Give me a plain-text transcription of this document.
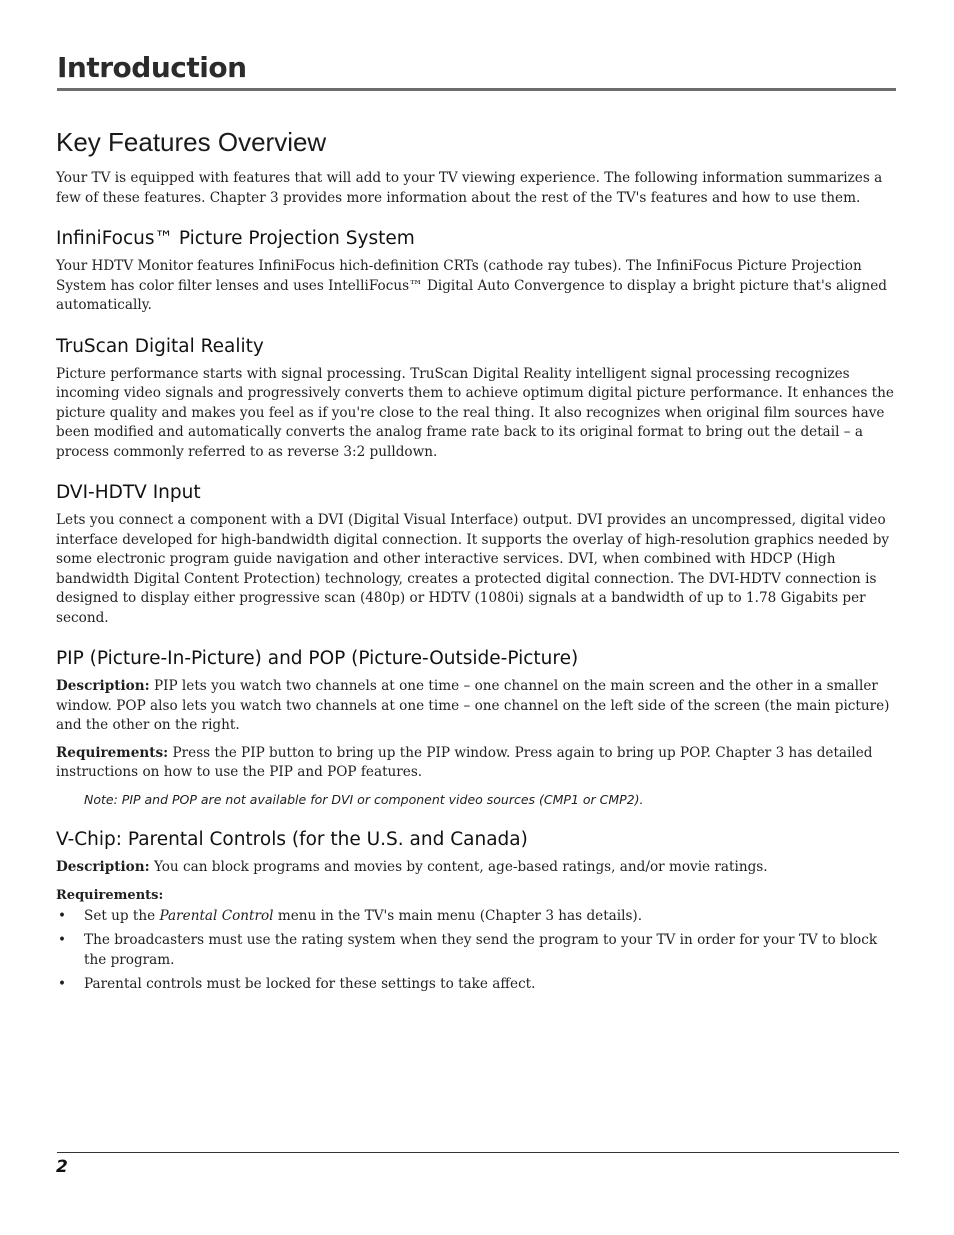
Introduction
Key Features Overview

Your TV is equipped with features that will add to your TV viewing experience. The following information summarizes a few of these features. Chapter 3 provides more information about the rest of the TV's features and how to use them.

InfiniFocus™ Picture Projection System

Your HDTV Monitor features InfiniFocus hich-definition CRTs (cathode ray tubes). The InfiniFocus Picture Projection System has color filter lenses and uses IntelliFocus™ Digital Auto Convergence to display a bright picture that's aligned automatically.

TruScan Digital Reality

Picture performance starts with signal processing. TruScan Digital Reality intelligent signal processing recognizes incoming video signals and progressively converts them to achieve optimum digital picture performance. It enhances the picture quality and makes you feel as if you're close to the real thing. It also recognizes when original film sources have been modified and automatically converts the analog frame rate back to its original format to bring out the detail – a process commonly referred to as reverse 3:2 pulldown.

DVI-HDTV Input

Lets you connect a component with a DVI (Digital Visual Interface) output. DVI provides an uncompressed, digital video interface developed for high-bandwidth digital connection. It supports the overlay of high-resolution graphics needed by some electronic program guide navigation and other interactive services. DVI, when combined with HDCP (High bandwidth Digital Content Protection) technology, creates a protected digital connection. The DVI-HDTV connection is designed to display either progressive scan (480p) or HDTV (1080i) signals at a bandwidth of up to 1.78 Gigabits per second.

PIP (Picture-In-Picture) and POP (Picture-Outside-Picture)

Description: PIP lets you watch two channels at one time – one channel on the main screen and the other in a smaller window. POP also lets you watch two channels at one time – one channel on the left side of the screen (the main picture) and the other on the right.

Requirements: Press the PIP button to bring up the PIP window. Press again to bring up POP. Chapter 3 has detailed instructions on how to use the PIP and POP features.

Note: PIP and POP are not available for DVI or component video sources (CMP1 or CMP2).

V-Chip: Parental Controls (for the U.S. and Canada)

Description: You can block programs and movies by content, age-based ratings, and/or movie ratings.

Requirements:

• Set up the Parental Control menu in the TV's main menu (Chapter 3 has details).
• The broadcasters must use the rating system when they send the program to your TV in order for your TV to block the program.
• Parental controls must be locked for these settings to take affect.
2
